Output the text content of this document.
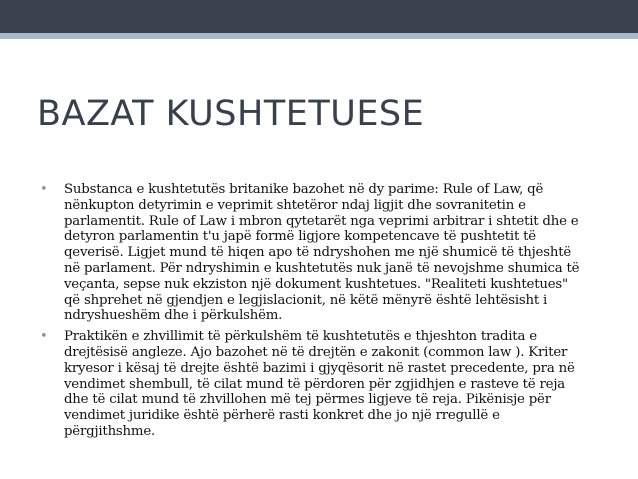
BAZAT KUSHTETUESE
• Substanca e kushtetutës britanike bazohet në dy parime: Rule of Law, që nënkupton detyrimin e veprimit shtetëror ndaj ligjit dhe sovranitetin e parlamentit. Rule of Law i mbron qytetarët nga veprimi arbitrar i shtetit dhe e detyron parlamentin t'u japë formë ligjore kompetencave të pushtetit të qeverisë. Ligjet mund të hiqen apo të ndryshohen me një shumicë të thjeshtë në parlament. Për ndryshimin e kushtetutës nuk janë të nevojshme shumica të veçanta, sepse nuk ekziston një dokument kushtetues. "Realiteti kushtetues" që shprehet në gjendjen e legjislacionit, në këtë mënyrë është lehtësisht i ndryshueshëm dhe i përkulshëm.
• Praktikën e zhvillimit të përkulshëm të kushtetutës e thjeshton tradita e drejtësisë angleze. Ajo bazohet në të drejtën e zakonit (common law ). Kriter kryesor i kësaj të drejte është bazimi i gjyqësorit në rastet precedente, pra në vendimet shembull, të cilat mund të përdoren për zgjidhjen e rasteve të reja dhe të cilat mund të zhvillohen më tej përmes ligjeve të reja. Pikënisje për vendimet juridike është përherë rasti konkret dhe jo një rregullë e përgjithshme.
